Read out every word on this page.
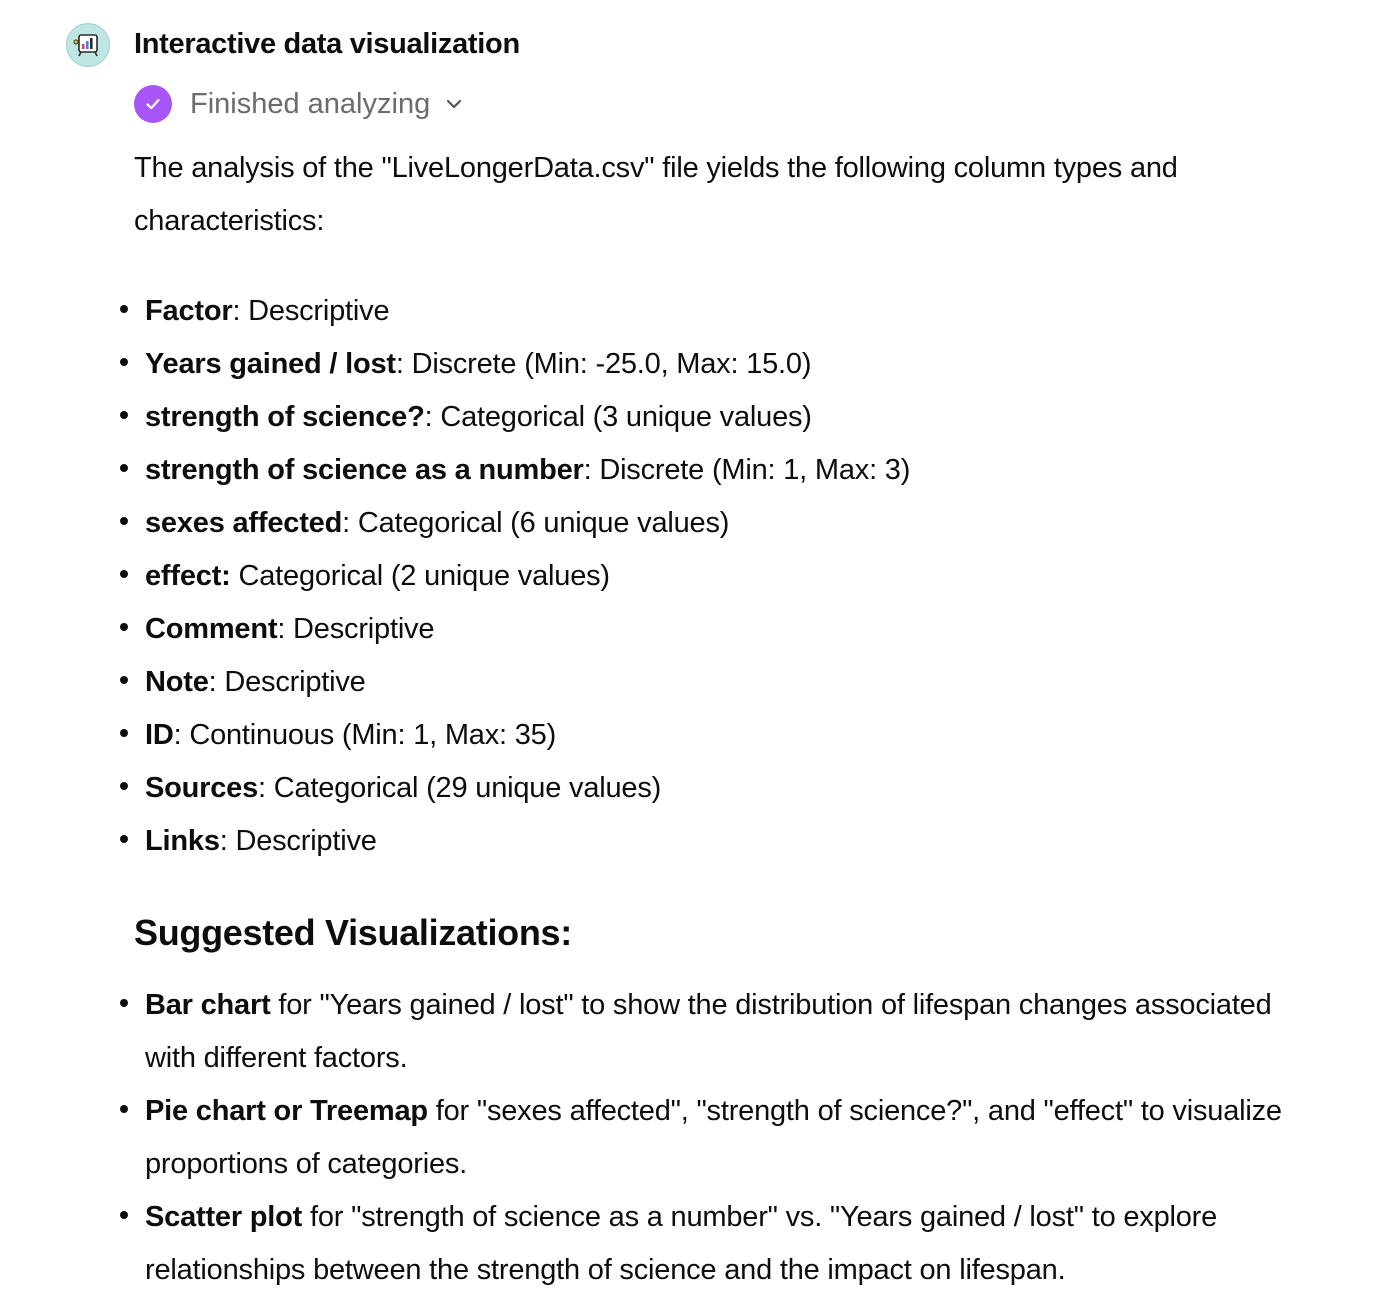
Interactive data visualization
Finished analyzing
The analysis of the "LiveLongerData.csv" file yields the following column types and characteristics:
Factor: Descriptive
Years gained / lost: Discrete (Min: -25.0, Max: 15.0)
strength of science?: Categorical (3 unique values)
strength of science as a number: Discrete (Min: 1, Max: 3)
sexes affected: Categorical (6 unique values)
effect: Categorical (2 unique values)
Comment: Descriptive
Note: Descriptive
ID: Continuous (Min: 1, Max: 35)
Sources: Categorical (29 unique values)
Links: Descriptive
Suggested Visualizations:
Bar chart for "Years gained / lost" to show the distribution of lifespan changes associated with different factors.
Pie chart or Treemap for "sexes affected", "strength of science?", and "effect" to visualize proportions of categories.
Scatter plot for "strength of science as a number" vs. "Years gained / lost" to explore relationships between the strength of science and the impact on lifespan.
